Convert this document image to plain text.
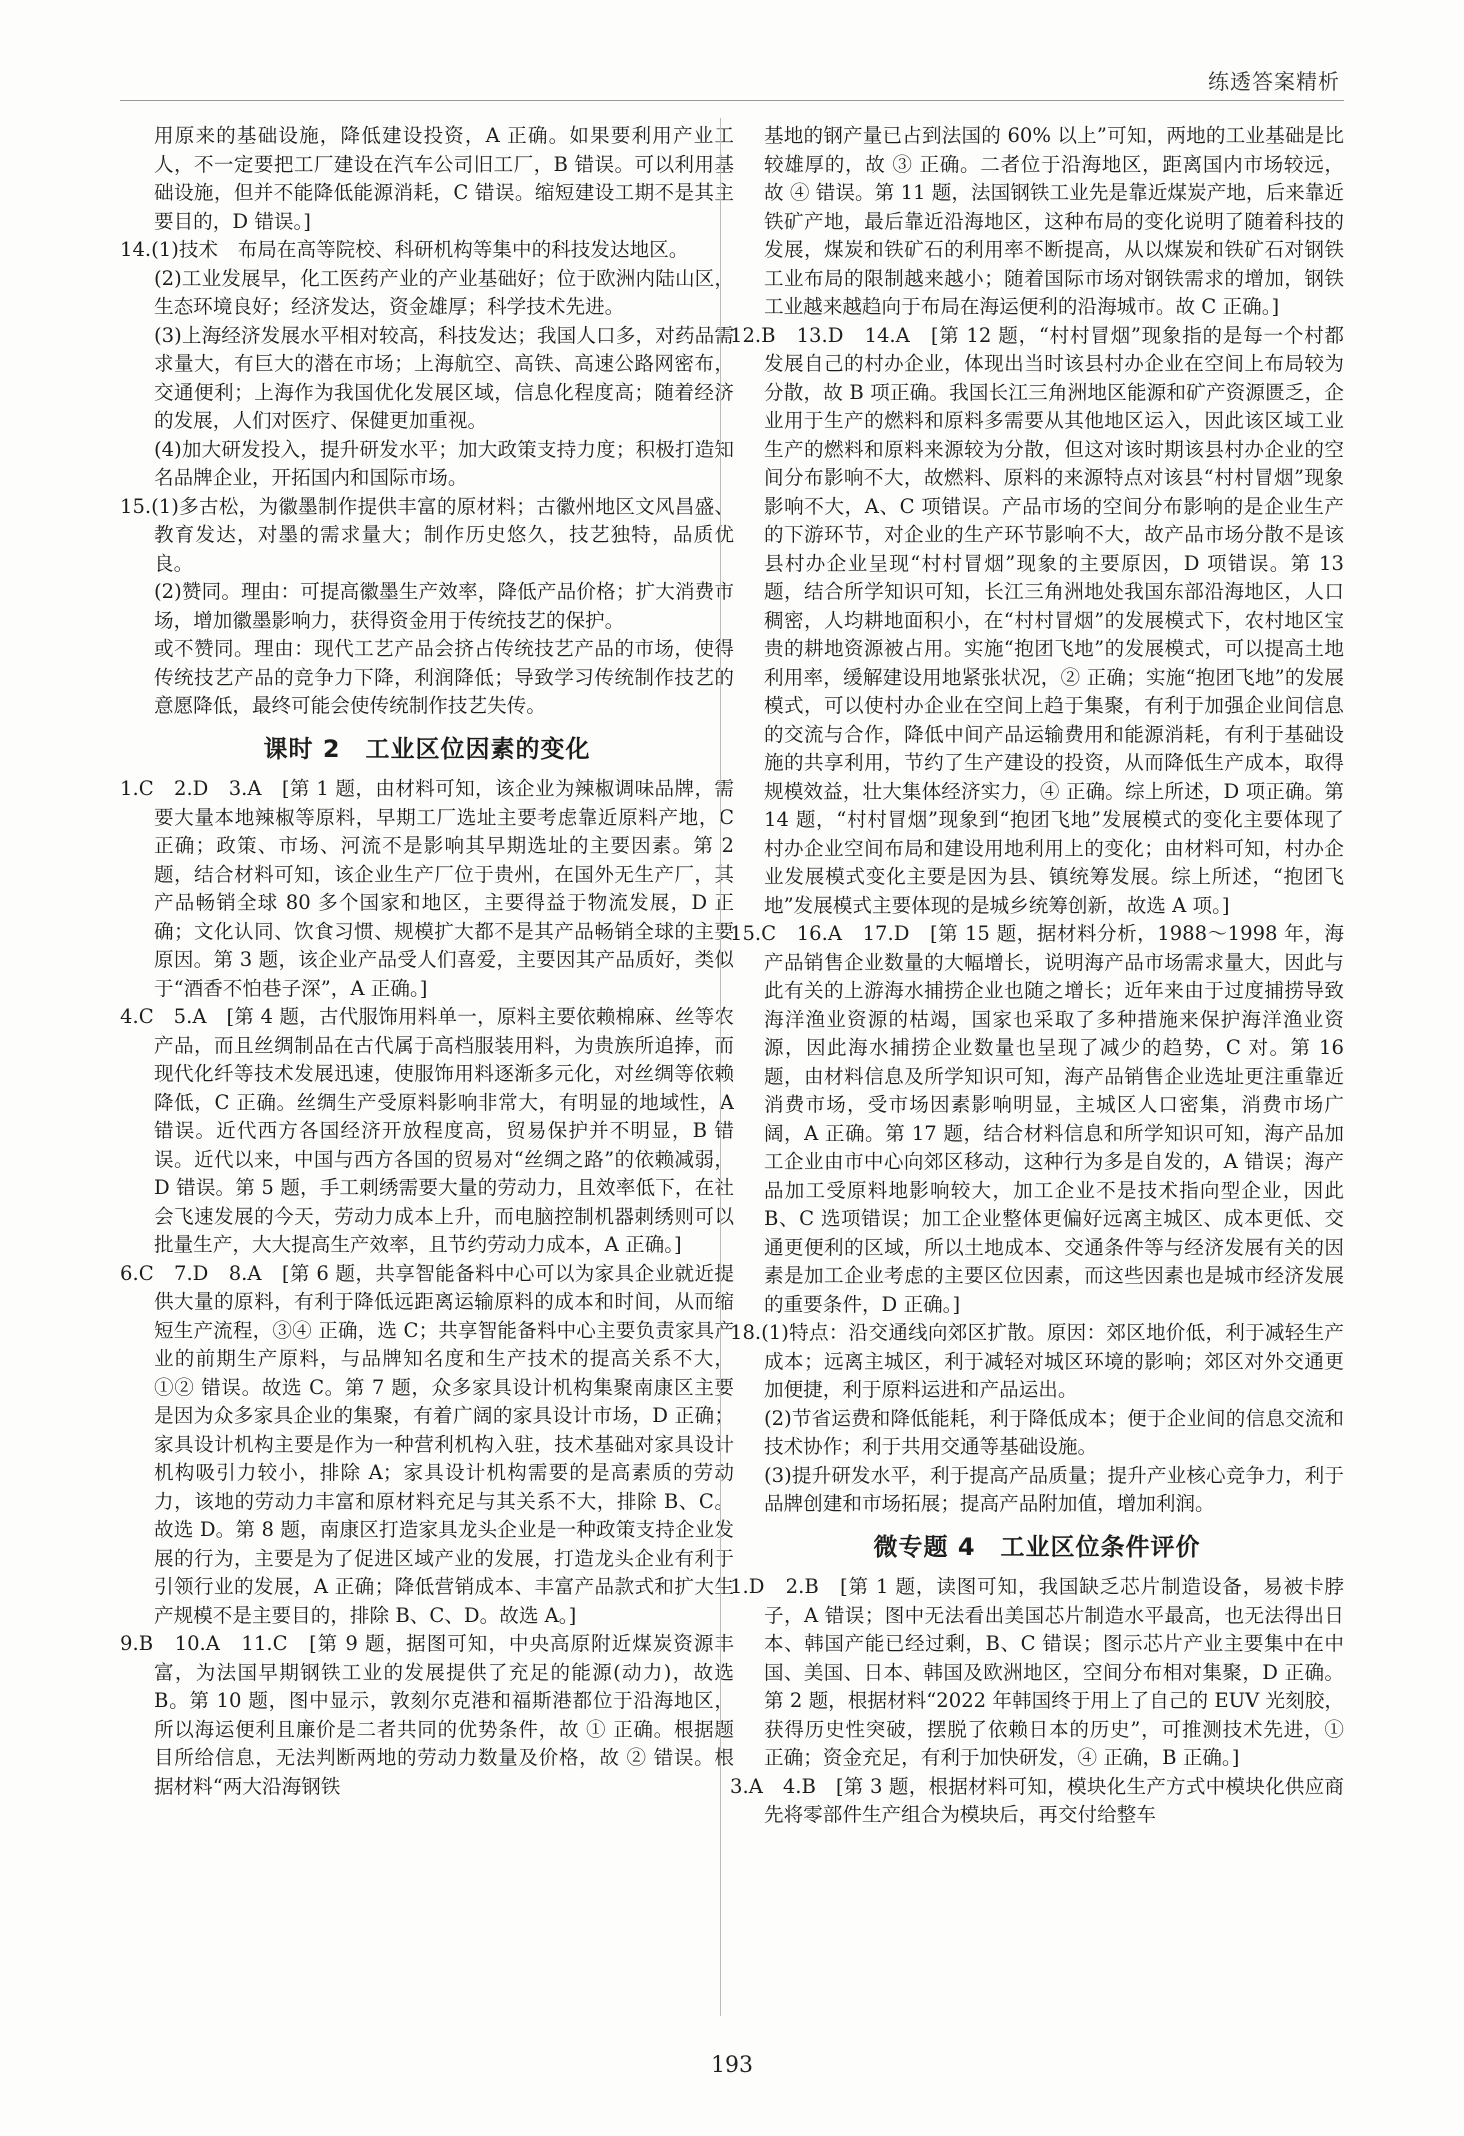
练透答案精析

用原来的基础设施，降低建设投资，A 正确。如果要利用产业工人，不一定要把工厂建设在汽车公司旧工厂，B 错误。可以利用基础设施，但并不能降低能源消耗，C 错误。缩短建设工期不是其主要目的，D 错误。]

14.(1)技术　布局在高等院校、科研机构等集中的科技发达地区。

(2)工业发展早，化工医药产业的产业基础好；位于欧洲内陆山区，生态环境良好；经济发达，资金雄厚；科学技术先进。

(3)上海经济发展水平相对较高，科技发达；我国人口多，对药品需求量大，有巨大的潜在市场；上海航空、高铁、高速公路网密布，交通便利；上海作为我国优化发展区域，信息化程度高；随着经济的发展，人们对医疗、保健更加重视。

(4)加大研发投入，提升研发水平；加大政策支持力度；积极打造知名品牌企业，开拓国内和国际市场。

15.(1)多古松，为徽墨制作提供丰富的原材料；古徽州地区文风昌盛、教育发达，对墨的需求量大；制作历史悠久，技艺独特，品质优良。

(2)赞同。理由：可提高徽墨生产效率，降低产品价格；扩大消费市场，增加徽墨影响力，获得资金用于传统技艺的保护。

或不赞同。理由：现代工艺产品会挤占传统技艺产品的市场，使得传统技艺产品的竞争力下降，利润降低；导致学习传统制作技艺的意愿降低，最终可能会使传统制作技艺失传。

课时 2　工业区位因素的变化

1.C　2.D　3.A　[第 1 题，由材料可知，该企业为辣椒调味品牌，需要大量本地辣椒等原料，早期工厂选址主要考虑靠近原料产地，C 正确；政策、市场、河流不是影响其早期选址的主要因素。第 2 题，结合材料可知，该企业生产厂位于贵州，在国外无生产厂，其产品畅销全球 80 多个国家和地区，主要得益于物流发展，D 正确；文化认同、饮食习惯、规模扩大都不是其产品畅销全球的主要原因。第 3 题，该企业产品受人们喜爱，主要因其产品质好，类似于“酒香不怕巷子深”，A 正确。]

4.C　5.A　[第 4 题，古代服饰用料单一，原料主要依赖棉麻、丝等农产品，而且丝绸制品在古代属于高档服装用料，为贵族所追捧，而现代化纤等技术发展迅速，使服饰用料逐渐多元化，对丝绸等依赖降低，C 正确。丝绸生产受原料影响非常大，有明显的地域性，A 错误。近代西方各国经济开放程度高，贸易保护并不明显，B 错误。近代以来，中国与西方各国的贸易对“丝绸之路”的依赖减弱，D 错误。第 5 题，手工刺绣需要大量的劳动力，且效率低下，在社会飞速发展的今天，劳动力成本上升，而电脑控制机器刺绣则可以批量生产，大大提高生产效率，且节约劳动力成本，A 正确。]

6.C　7.D　8.A　[第 6 题，共享智能备料中心可以为家具企业就近提供大量的原料，有利于降低远距离运输原料的成本和时间，从而缩短生产流程，③④ 正确，选 C；共享智能备料中心主要负责家具产业的前期生产原料，与品牌知名度和生产技术的提高关系不大，①② 错误。故选 C。第 7 题，众多家具设计机构集聚南康区主要是因为众多家具企业的集聚，有着广阔的家具设计市场，D 正确；家具设计机构主要是作为一种营利机构入驻，技术基础对家具设计机构吸引力较小，排除 A；家具设计机构需要的是高素质的劳动力，该地的劳动力丰富和原材料充足与其关系不大，排除 B、C。故选 D。第 8 题，南康区打造家具龙头企业是一种政策支持企业发展的行为，主要是为了促进区域产业的发展，打造龙头企业有利于引领行业的发展，A 正确；降低营销成本、丰富产品款式和扩大生产规模不是主要目的，排除 B、C、D。故选 A。]

9.B　10.A　11.C　[第 9 题，据图可知，中央高原附近煤炭资源丰富，为法国早期钢铁工业的发展提供了充足的能源(动力)，故选 B。第 10 题，图中显示，敦刻尔克港和福斯港都位于沿海地区，所以海运便利且廉价是二者共同的优势条件，故 ① 正确。根据题目所给信息，无法判断两地的劳动力数量及价格，故 ② 错误。根据材料“两大沿海钢铁

基地的钢产量已占到法国的 60% 以上”可知，两地的工业基础是比较雄厚的，故 ③ 正确。二者位于沿海地区，距离国内市场较远，故 ④ 错误。第 11 题，法国钢铁工业先是靠近煤炭产地，后来靠近铁矿产地，最后靠近沿海地区，这种布局的变化说明了随着科技的发展，煤炭和铁矿石的利用率不断提高，从以煤炭和铁矿石对钢铁工业布局的限制越来越小；随着国际市场对钢铁需求的增加，钢铁工业越来越趋向于布局在海运便利的沿海城市。故 C 正确。]

12.B　13.D　14.A　[第 12 题，“村村冒烟”现象指的是每一个村都发展自己的村办企业，体现出当时该县村办企业在空间上布局较为分散，故 B 项正确。我国长江三角洲地区能源和矿产资源匮乏，企业用于生产的燃料和原料多需要从其他地区运入，因此该区域工业生产的燃料和原料来源较为分散，但这对该时期该县村办企业的空间分布影响不大，故燃料、原料的来源特点对该县“村村冒烟”现象影响不大，A、C 项错误。产品市场的空间分布影响的是企业生产的下游环节，对企业的生产环节影响不大，故产品市场分散不是该县村办企业呈现“村村冒烟”现象的主要原因，D 项错误。第 13 题，结合所学知识可知，长江三角洲地处我国东部沿海地区，人口稠密，人均耕地面积小，在“村村冒烟”的发展模式下，农村地区宝贵的耕地资源被占用。实施“抱团飞地”的发展模式，可以提高土地利用率，缓解建设用地紧张状况，② 正确；实施“抱团飞地”的发展模式，可以使村办企业在空间上趋于集聚，有利于加强企业间信息的交流与合作，降低中间产品运输费用和能源消耗，有利于基础设施的共享利用，节约了生产建设的投资，从而降低生产成本，取得规模效益，壮大集体经济实力，④ 正确。综上所述，D 项正确。第 14 题，“村村冒烟”现象到“抱团飞地”发展模式的变化主要体现了村办企业空间布局和建设用地利用上的变化；由材料可知，村办企业发展模式变化主要是因为县、镇统筹发展。综上所述，“抱团飞地”发展模式主要体现的是城乡统筹创新，故选 A 项。]

15.C　16.A　17.D　[第 15 题，据材料分析，1988～1998 年，海产品销售企业数量的大幅增长，说明海产品市场需求量大，因此与此有关的上游海水捕捞企业也随之增长；近年来由于过度捕捞导致海洋渔业资源的枯竭，国家也采取了多种措施来保护海洋渔业资源，因此海水捕捞企业数量也呈现了减少的趋势，C 对。第 16 题，由材料信息及所学知识可知，海产品销售企业选址更注重靠近消费市场，受市场因素影响明显，主城区人口密集，消费市场广阔，A 正确。第 17 题，结合材料信息和所学知识可知，海产品加工企业由市中心向郊区移动，这种行为多是自发的，A 错误；海产品加工受原料地影响较大，加工企业不是技术指向型企业，因此 B、C 选项错误；加工企业整体更偏好远离主城区、成本更低、交通更便利的区域，所以土地成本、交通条件等与经济发展有关的因素是加工企业考虑的主要区位因素，而这些因素也是城市经济发展的重要条件，D 正确。]

18.(1)特点：沿交通线向郊区扩散。原因：郊区地价低，利于减轻生产成本；远离主城区，利于减轻对城区环境的影响；郊区对外交通更加便捷，利于原料运进和产品运出。

(2)节省运费和降低能耗，利于降低成本；便于企业间的信息交流和技术协作；利于共用交通等基础设施。

(3)提升研发水平，利于提高产品质量；提升产业核心竞争力，利于品牌创建和市场拓展；提高产品附加值，增加利润。

微专题 4　工业区位条件评价

1.D　2.B　[第 1 题，读图可知，我国缺乏芯片制造设备，易被卡脖子，A 错误；图中无法看出美国芯片制造水平最高，也无法得出日本、韩国产能已经过剩，B、C 错误；图示芯片产业主要集中在中国、美国、日本、韩国及欧洲地区，空间分布相对集聚，D 正确。第 2 题，根据材料“2022 年韩国终于用上了自己的 EUV 光刻胶，获得历史性突破，摆脱了依赖日本的历史”，可推测技术先进，① 正确；资金充足，有利于加快研发，④ 正确，B 正确。]

3.A　4.B　[第 3 题，根据材料可知，模块化生产方式中模块化供应商先将零部件生产组合为模块后，再交付给整车

193
